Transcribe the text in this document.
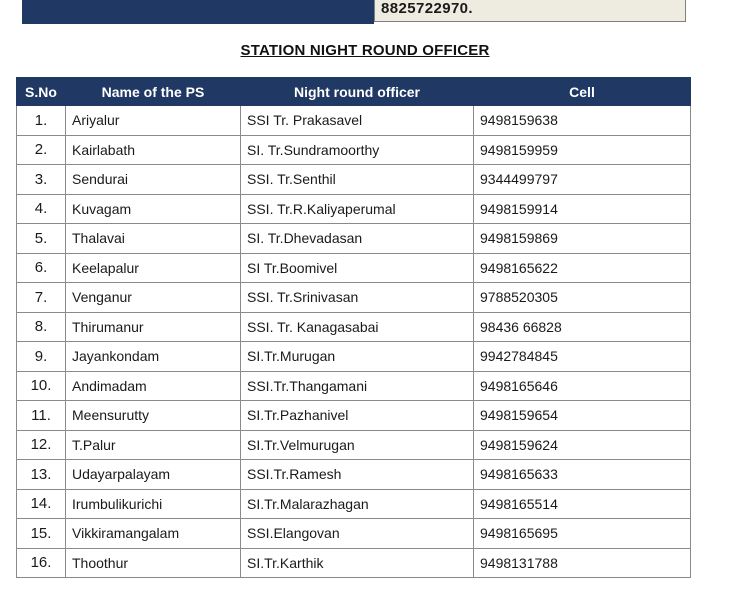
8825722970.
STATION NIGHT ROUND OFFICER
S.No	Name of the PS	Night round officer	Cell
1.	Ariyalur	SSI Tr. Prakasavel	9498159638
2.	Kairlabath	SI. Tr.Sundramoorthy	9498159959
3.	Sendurai	SSI. Tr.Senthil	9344499797
4.	Kuvagam	SSI. Tr.R.Kaliyaperumal	9498159914
5.	Thalavai	SI. Tr.Dhevadasan	9498159869
6.	Keelapalur	SI Tr.Boomivel	9498165622
7.	Venganur	SSI. Tr.Srinivasan	9788520305
8.	Thirumanur	SSI. Tr. Kanagasabai	98436 66828
9.	Jayankondam	SI.Tr.Murugan	9942784845
10.	Andimadam	SSI.Tr.Thangamani	9498165646
11.	Meensurutty	SI.Tr.Pazhanivel	9498159654
12.	T.Palur	SI.Tr.Velmurugan	9498159624
13.	Udayarpalayam	SSI.Tr.Ramesh	9498165633
14.	Irumbulikurichi	SI.Tr.Malarazhagan	9498165514
15.	Vikkiramangalam	SSI.Elangovan	9498165695
16.	Thoothur	SI.Tr.Karthik	9498131788
